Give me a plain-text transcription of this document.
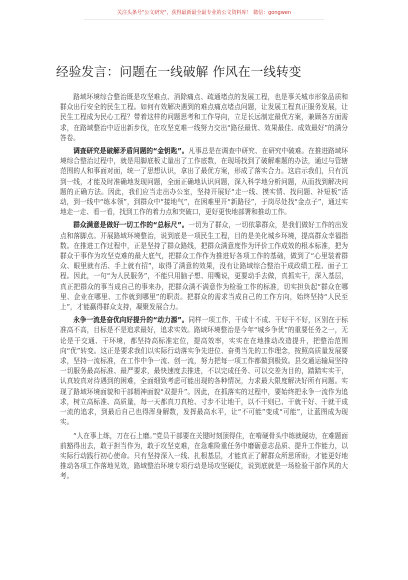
关注头条号"公文研究"，获得最新最全最专业的公文资料库！ 微信：gongwen
经验发言：问题在一线破解 作风在一线转变

路域环境综合整治既是攻坚难点、消除痛点、疏通堵点的发展工程，也是事关城市形象品质和群众出行安全的民生工程。如何有效解决遇到的难点痛点堵点问题，让发展工程真正服务发展，让民生工程成为民心工程？带着这样的问题思考和工作导向，立足长远制定最优方案，兼顾各方面需求，在路域整治中迈出新步伐，在攻坚克难一线努力交出“路径最优、效果最佳、成效最好”的满分答卷。

调查研究是破解矛盾问题的“金钥匙”。凡事总是在调查中研究、在研究中破难。在推进路域环境综合整治过程中，就是用脚底板丈量出了工作底数，在现场找到了破解难题的办法，通过与管辖范围的人和事面对面，统一了思想认识，拿出了最优方案，形成了落实合力。这启示我们，只有沉到一线，才能及时准确地发现问题，全面正确地认识问题，深入科学地分析问题，从而找到解决问题的正确方法。因此，我们应当走出办公室，坚持开展好“走一线、摸实情、找问题、补短板”活动，到一线中“练本领”，到群众中“接地气”，在困难里开“新路径”，于岗尽处找“金点子”，通过实地走一走、看一看，找到工作的着力点和突破口，更好更快地部署和推动工作。

群众满意是做好一切工作的“总标尺”。一切为了群众，一切依靠群众，是我们做好工作的出发点和落脚点。开展路域环境整治，说到底是一项民生工程，目的是美化城乡环境，提高群众幸福指数。在推进工作过程中，正是坚持了群众路线，把群众满意度作为评价工作成效的根本标准，把为群众干事作为攻坚克难的最大底气，把群众工作作为推进好各项工作的基础，做到了“心里装着群众、眼里就有活、手上就有招”，取得了满意的效果，没有让路域综合整治干成政绩工程、面子工程。因此，一句“为人民服务”，不能只用脑子想、用嘴说，更要动手去做，真抓实干，深入基层，真正把群众的事当成自己的事来办，把群众满不满意作为检验工作的标准，切实担负起“群众在哪里、企业在哪里、工作就到哪里”的职责。把群众的需求当成自己的工作方向，始终坚持“人民至上”，才能赢得群众支持，凝聚发展合力。

永争一流是奋优向好提升的“动力源”。同样一项工作，干成十不成、干好干不好，区别在于标准高不高，目标是不是追求最好，追求实效。路域环境整治是今年“城乡争优”的重要任务之一，无论是干交通、干环境，都坚持高标准定位，提高效率，实实在在地推动改造提升，把整治范围向“优”转变。这正是要求我们以实际行动落实争先进位、奋勇当先的工作理念，按照高质量发展要求，坚持一流标准，在工作中争一流、创一流，努力把每一项工作都做到极致。县交通运输局坚持一切服务最高标准、最严要求，最快速度去推进，不以完成任务、可以交差为目的，踏踏实实干，认真较真对待遇到的困难，全面细致考虑可能出现的各种情况，力求最大限度解决好所有问题。实现了路域环境面貌和干部精神面貌“双提升”。因此，在抓落实的过程中，要始终把永争一流作为追求，树立高标准、高质量，每一天都真刀真枪、寸步不让地干，以不干则已、干就干好、干就干成一流的追求，到最后自己也得浑身解数，发挥最高水平，让“不可能”变成“可能”，让蓝图成为现实。

“人在事上练，刀在石上磨。”党员干部要在关键时刻顶得住，在啃硬骨头中练就硬功，在难题面前豁得出去，敢于担当作为，敢于攻坚克难，在急难险重任务中磨砺意志品质、提升工作能力，以实际行动践行初心使命。只有坚持深入一线、扎根基层，才能真正了解群众所思所盼，才能更好地推动各项工作落地见效，路域整治环境专项行动是场攻坚硬仗，说到底就是一场检验干部作风的大考。
